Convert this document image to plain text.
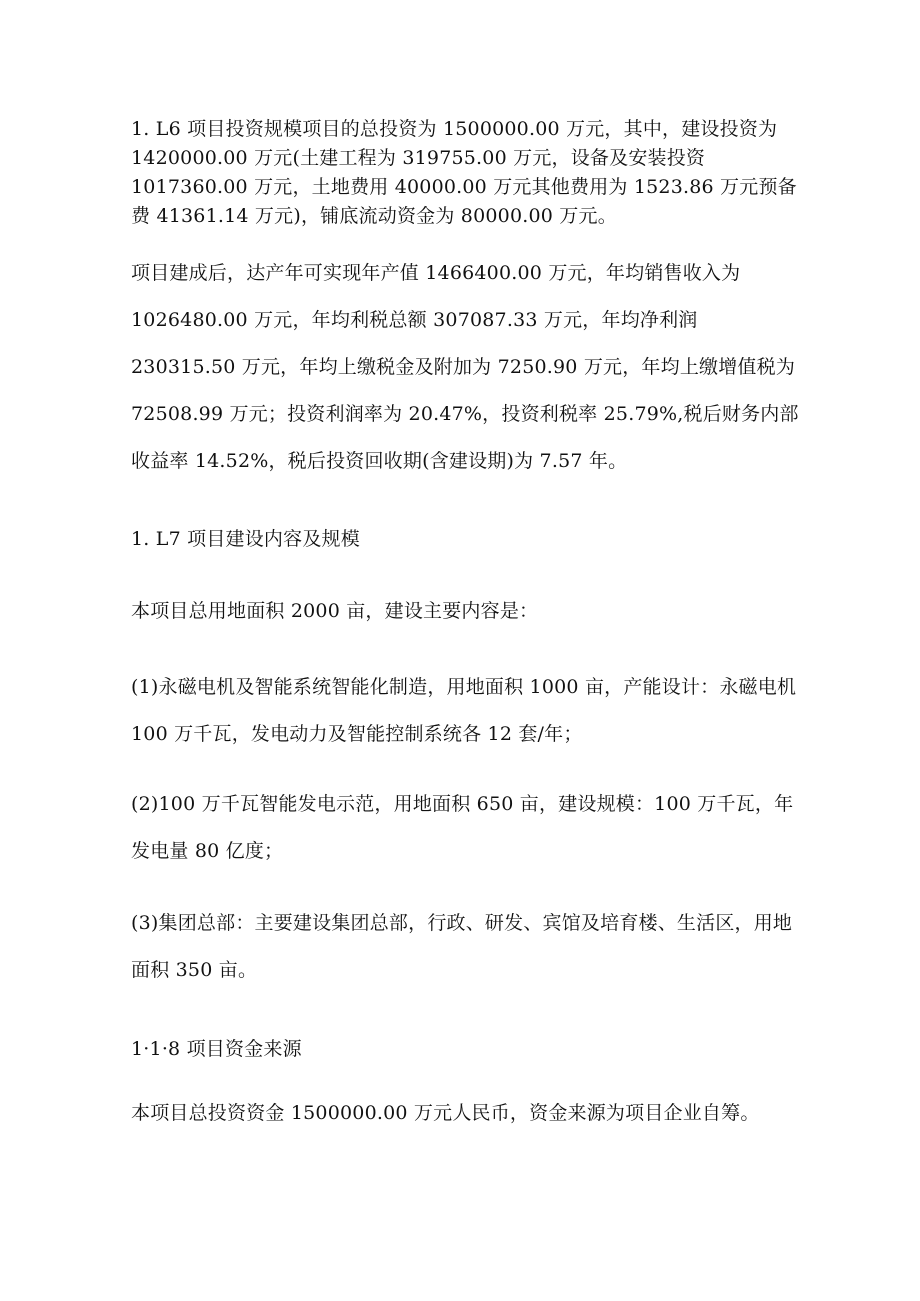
1. L6 项目投资规模项目的总投资为 1500000.00 万元，其中，建设投资为 1420000.00 万元(土建工程为 319755.00 万元，设备及安装投资 1017360.00 万元，土地费用 40000.00 万元其他费用为 1523.86 万元预备费 41361.14 万元)，铺底流动资金为 80000.00 万元。

项目建成后，达产年可实现年产值 1466400.00 万元，年均销售收入为 1026480.00 万元，年均利税总额 307087.33 万元，年均净利润 230315.50 万元，年均上缴税金及附加为 7250.90 万元，年均上缴增值税为 72508.99 万元；投资利润率为 20.47%，投资利税率 25.79%,税后财务内部收益率 14.52%，税后投资回收期(含建设期)为 7.57 年。

1. L7 项目建设内容及规模

本项目总用地面积 2000 亩，建设主要内容是：

(1)永磁电机及智能系统智能化制造，用地面积 1000 亩，产能设计：永磁电机 100 万千瓦，发电动力及智能控制系统各 12 套/年；

(2)100 万千瓦智能发电示范，用地面积 650 亩，建设规模：100 万千瓦，年发电量 80 亿度；

(3)集团总部：主要建设集团总部，行政、研发、宾馆及培育楼、生活区，用地面积 350 亩。

1·1·8 项目资金来源

本项目总投资资金 1500000.00 万元人民币，资金来源为项目企业自筹。
